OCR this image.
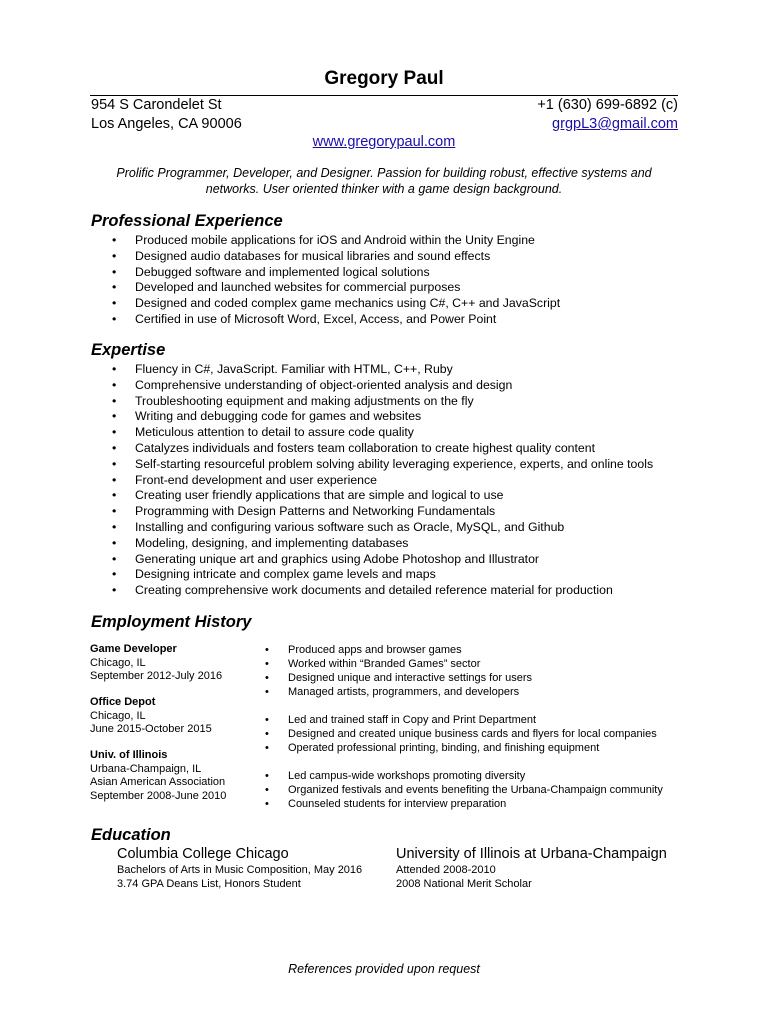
Gregory Paul
954 S Carondelet St
Los Angeles, CA 90006
+1 (630) 699-6892 (c)
grgpL3@gmail.com
www.gregorypaul.com
Prolific Programmer, Developer, and Designer. Passion for building robust, effective systems and networks. User oriented thinker with a game design background.
Professional Experience
• Produced mobile applications for iOS and Android within the Unity Engine
• Designed audio databases for musical libraries and sound effects
• Debugged software and implemented logical solutions
• Developed and launched websites for commercial purposes
• Designed and coded complex game mechanics using C#, C++ and JavaScript
• Certified in use of Microsoft Word, Excel, Access, and Power Point
Expertise
• Fluency in C#, JavaScript. Familiar with HTML, C++, Ruby
• Comprehensive understanding of object-oriented analysis and design
• Troubleshooting equipment and making adjustments on the fly
• Writing and debugging code for games and websites
• Meticulous attention to detail to assure code quality
• Catalyzes individuals and fosters team collaboration to create highest quality content
• Self-starting resourceful problem solving ability leveraging experience, experts, and online tools
• Front-end development and user experience
• Creating user friendly applications that are simple and logical to use
• Programming with Design Patterns and Networking Fundamentals
• Installing and configuring various software such as Oracle, MySQL, and Github
• Modeling, designing, and implementing databases
• Generating unique art and graphics using Adobe Photoshop and Illustrator
• Designing intricate and complex game levels and maps
• Creating comprehensive work documents and detailed reference material for production
Employment History
Game Developer
Chicago, IL
September 2012-July 2016
• Produced apps and browser games
• Worked within “Branded Games” sector
• Designed unique and interactive settings for users
• Managed artists, programmers, and developers
Office Depot
Chicago, IL
June 2015-October 2015
• Led and trained staff in Copy and Print Department
• Designed and created unique business cards and flyers for local companies
• Operated professional printing, binding, and finishing equipment
Univ. of Illinois
Urbana-Champaign, IL
Asian American Association
September 2008-June 2010
• Led campus-wide workshops promoting diversity
• Organized festivals and events benefiting the Urbana-Champaign community
• Counseled students for interview preparation
Education
Columbia College Chicago
Bachelors of Arts in Music Composition, May 2016
3.74 GPA Deans List, Honors Student
University of Illinois at Urbana-Champaign
Attended 2008-2010
2008 National Merit Scholar
References provided upon request
